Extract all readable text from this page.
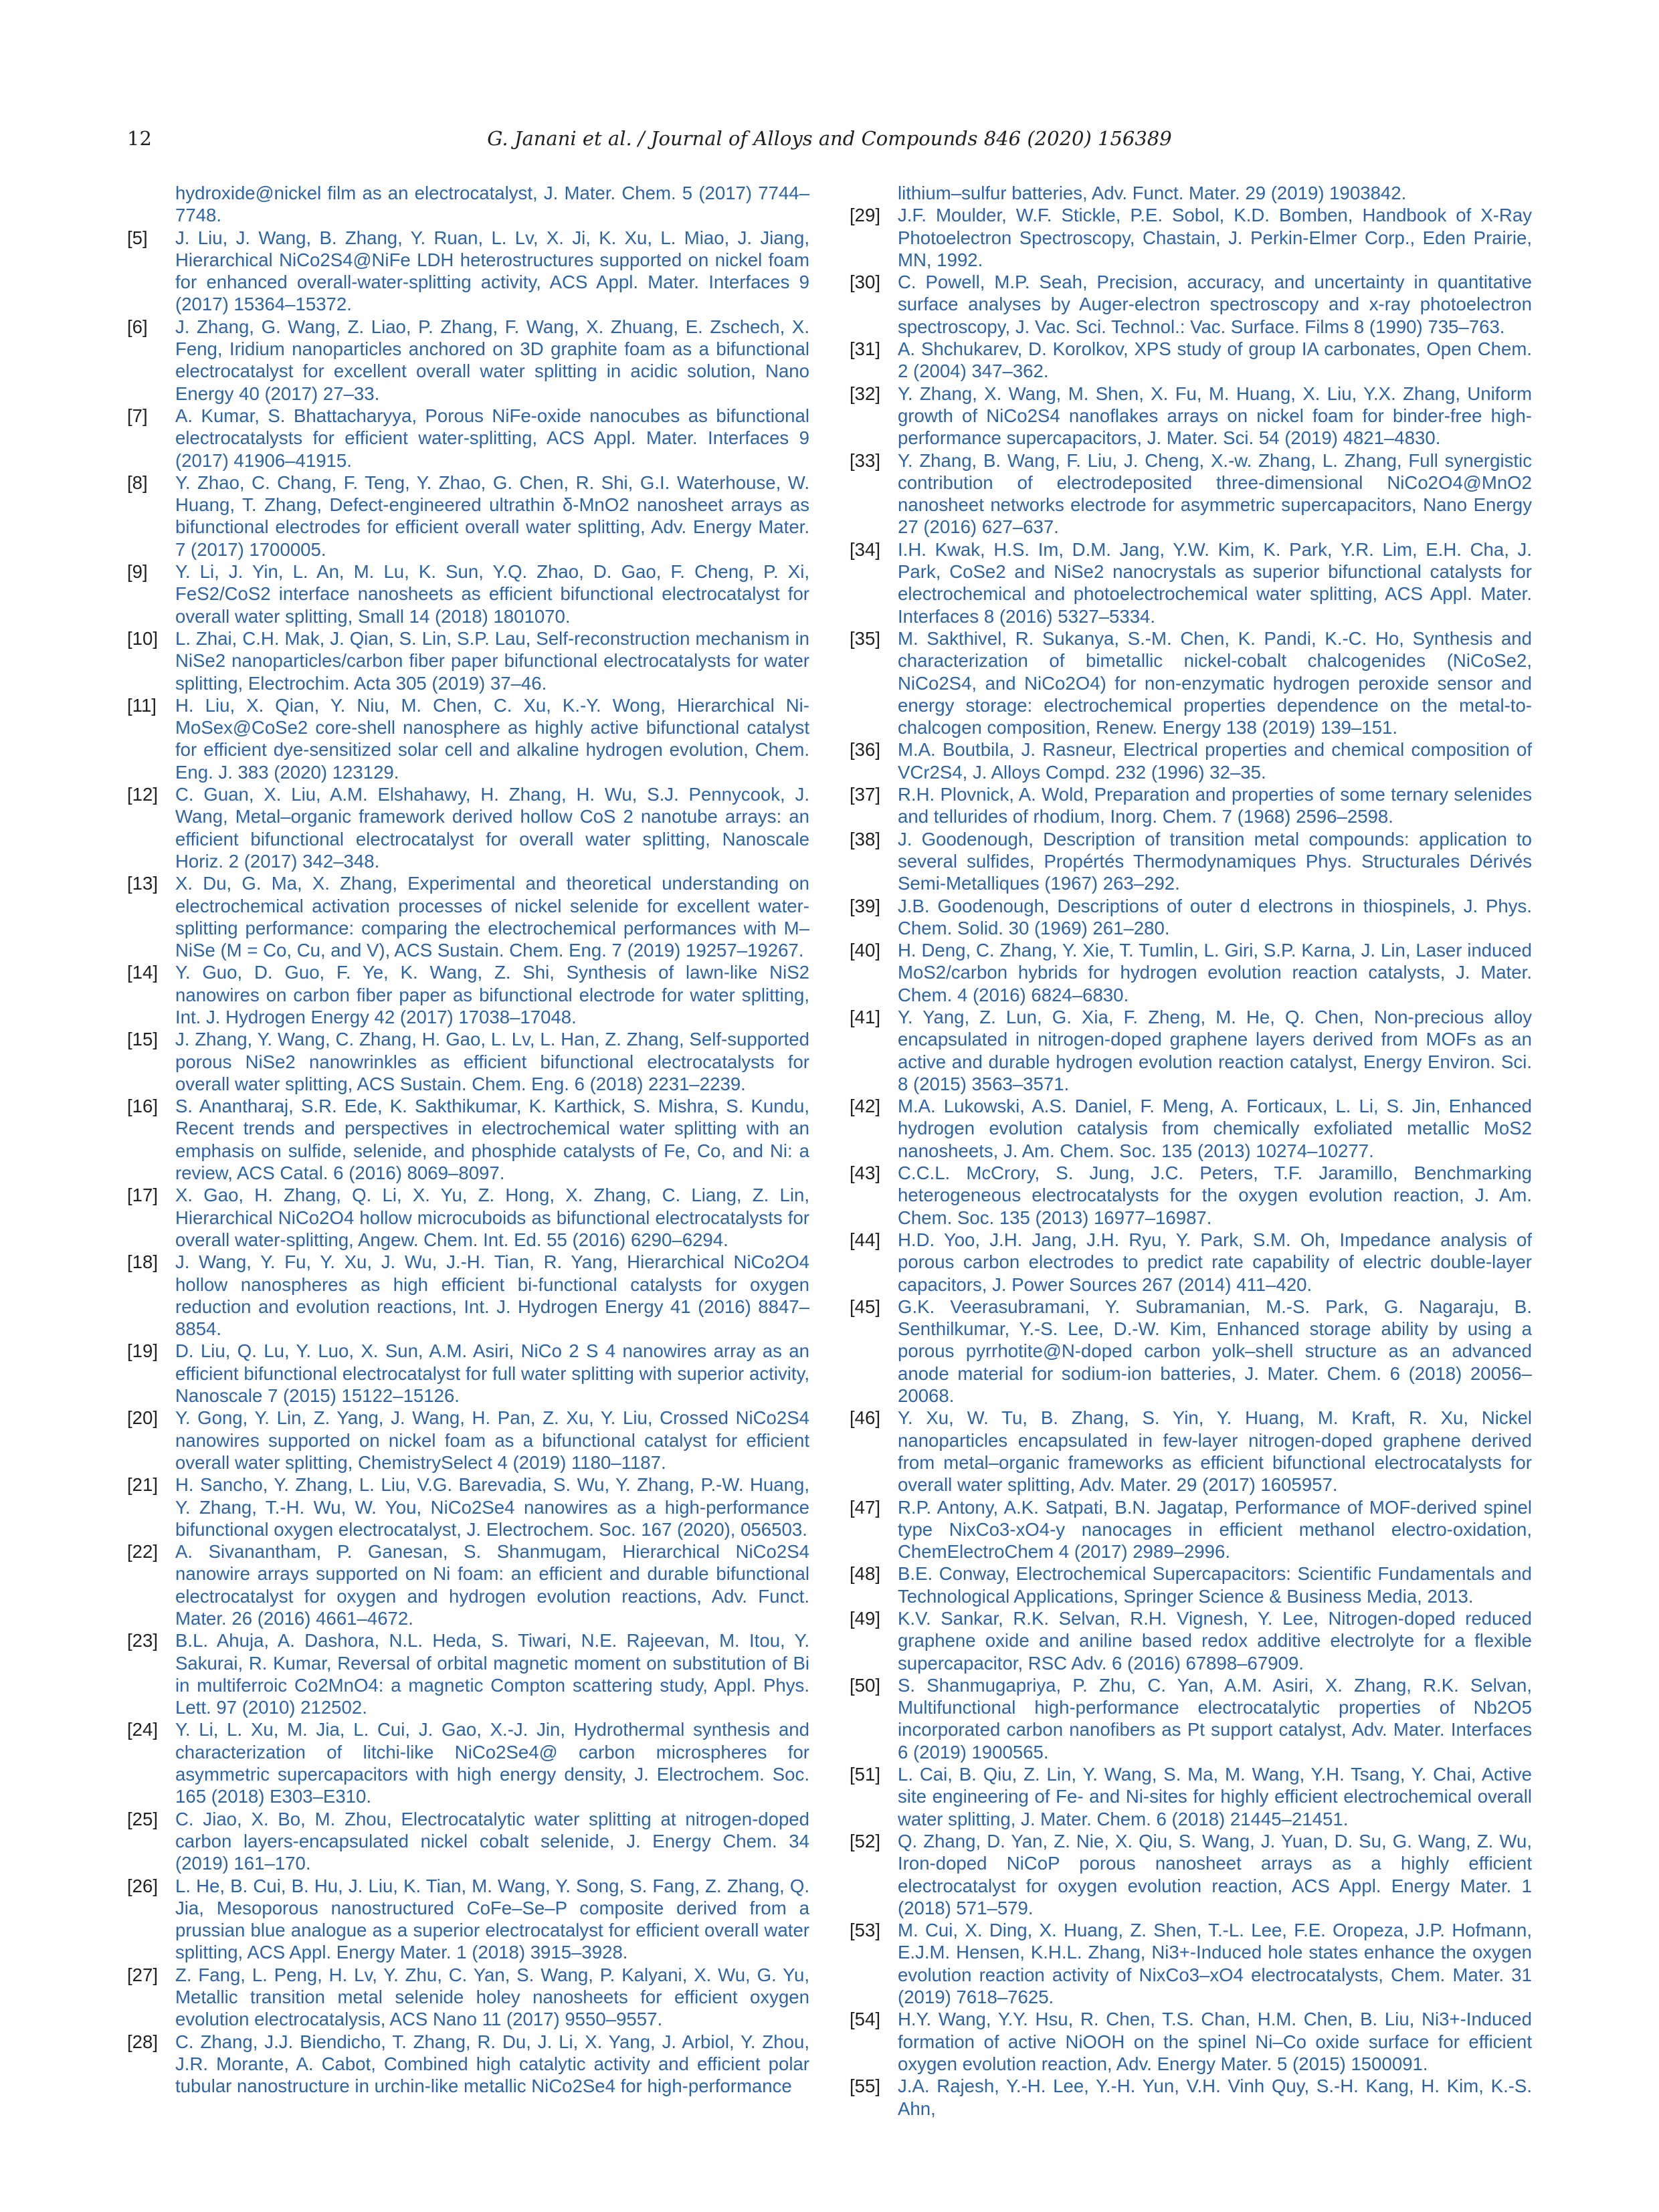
12	G. Janani et al. / Journal of Alloys and Compounds 846 (2020) 156389
hydroxide@nickel film as an electrocatalyst, J. Mater. Chem. 5 (2017) 7744–7748.
[5] J. Liu, J. Wang, B. Zhang, Y. Ruan, L. Lv, X. Ji, K. Xu, L. Miao, J. Jiang, Hierarchical NiCo2S4@NiFe LDH heterostructures supported on nickel foam for enhanced overall-water-splitting activity, ACS Appl. Mater. Interfaces 9 (2017) 15364–15372.
[6] J. Zhang, G. Wang, Z. Liao, P. Zhang, F. Wang, X. Zhuang, E. Zschech, X. Feng, Iridium nanoparticles anchored on 3D graphite foam as a bifunctional electrocatalyst for excellent overall water splitting in acidic solution, Nano Energy 40 (2017) 27–33.
[7] A. Kumar, S. Bhattacharyya, Porous NiFe-oxide nanocubes as bifunctional electrocatalysts for efficient water-splitting, ACS Appl. Mater. Interfaces 9 (2017) 41906–41915.
[8] Y. Zhao, C. Chang, F. Teng, Y. Zhao, G. Chen, R. Shi, G.I. Waterhouse, W. Huang, T. Zhang, Defect-engineered ultrathin δ-MnO2 nanosheet arrays as bifunctional electrodes for efficient overall water splitting, Adv. Energy Mater. 7 (2017) 1700005.
[9] Y. Li, J. Yin, L. An, M. Lu, K. Sun, Y.Q. Zhao, D. Gao, F. Cheng, P. Xi, FeS2/CoS2 interface nanosheets as efficient bifunctional electrocatalyst for overall water splitting, Small 14 (2018) 1801070.
[10] L. Zhai, C.H. Mak, J. Qian, S. Lin, S.P. Lau, Self-reconstruction mechanism in NiSe2 nanoparticles/carbon fiber paper bifunctional electrocatalysts for water splitting, Electrochim. Acta 305 (2019) 37–46.
[11] H. Liu, X. Qian, Y. Niu, M. Chen, C. Xu, K.-Y. Wong, Hierarchical Ni-MoSex@CoSe2 core-shell nanosphere as highly active bifunctional catalyst for efficient dye-sensitized solar cell and alkaline hydrogen evolution, Chem. Eng. J. 383 (2020) 123129.
[12] C. Guan, X. Liu, A.M. Elshahawy, H. Zhang, H. Wu, S.J. Pennycook, J. Wang, Metal–organic framework derived hollow CoS 2 nanotube arrays: an efficient bifunctional electrocatalyst for overall water splitting, Nanoscale Horiz. 2 (2017) 342–348.
[13] X. Du, G. Ma, X. Zhang, Experimental and theoretical understanding on electrochemical activation processes of nickel selenide for excellent water-splitting performance: comparing the electrochemical performances with M–NiSe (M = Co, Cu, and V), ACS Sustain. Chem. Eng. 7 (2019) 19257–19267.
[14] Y. Guo, D. Guo, F. Ye, K. Wang, Z. Shi, Synthesis of lawn-like NiS2 nanowires on carbon fiber paper as bifunctional electrode for water splitting, Int. J. Hydrogen Energy 42 (2017) 17038–17048.
[15] J. Zhang, Y. Wang, C. Zhang, H. Gao, L. Lv, L. Han, Z. Zhang, Self-supported porous NiSe2 nanowrinkles as efficient bifunctional electrocatalysts for overall water splitting, ACS Sustain. Chem. Eng. 6 (2018) 2231–2239.
[16] S. Anantharaj, S.R. Ede, K. Sakthikumar, K. Karthick, S. Mishra, S. Kundu, Recent trends and perspectives in electrochemical water splitting with an emphasis on sulfide, selenide, and phosphide catalysts of Fe, Co, and Ni: a review, ACS Catal. 6 (2016) 8069–8097.
[17] X. Gao, H. Zhang, Q. Li, X. Yu, Z. Hong, X. Zhang, C. Liang, Z. Lin, Hierarchical NiCo2O4 hollow microcuboids as bifunctional electrocatalysts for overall water-splitting, Angew. Chem. Int. Ed. 55 (2016) 6290–6294.
[18] J. Wang, Y. Fu, Y. Xu, J. Wu, J.-H. Tian, R. Yang, Hierarchical NiCo2O4 hollow nanospheres as high efficient bi-functional catalysts for oxygen reduction and evolution reactions, Int. J. Hydrogen Energy 41 (2016) 8847–8854.
[19] D. Liu, Q. Lu, Y. Luo, X. Sun, A.M. Asiri, NiCo 2 S 4 nanowires array as an efficient bifunctional electrocatalyst for full water splitting with superior activity, Nanoscale 7 (2015) 15122–15126.
[20] Y. Gong, Y. Lin, Z. Yang, J. Wang, H. Pan, Z. Xu, Y. Liu, Crossed NiCo2S4 nanowires supported on nickel foam as a bifunctional catalyst for efficient overall water splitting, ChemistrySelect 4 (2019) 1180–1187.
[21] H. Sancho, Y. Zhang, L. Liu, V.G. Barevadia, S. Wu, Y. Zhang, P.-W. Huang, Y. Zhang, T.-H. Wu, W. You, NiCo2Se4 nanowires as a high-performance bifunctional oxygen electrocatalyst, J. Electrochem. Soc. 167 (2020), 056503.
[22] A. Sivanantham, P. Ganesan, S. Shanmugam, Hierarchical NiCo2S4 nanowire arrays supported on Ni foam: an efficient and durable bifunctional electrocatalyst for oxygen and hydrogen evolution reactions, Adv. Funct. Mater. 26 (2016) 4661–4672.
[23] B.L. Ahuja, A. Dashora, N.L. Heda, S. Tiwari, N.E. Rajeevan, M. Itou, Y. Sakurai, R. Kumar, Reversal of orbital magnetic moment on substitution of Bi in multiferroic Co2MnO4: a magnetic Compton scattering study, Appl. Phys. Lett. 97 (2010) 212502.
[24] Y. Li, L. Xu, M. Jia, L. Cui, J. Gao, X.-J. Jin, Hydrothermal synthesis and characterization of litchi-like NiCo2Se4@ carbon microspheres for asymmetric supercapacitors with high energy density, J. Electrochem. Soc. 165 (2018) E303–E310.
[25] C. Jiao, X. Bo, M. Zhou, Electrocatalytic water splitting at nitrogen-doped carbon layers-encapsulated nickel cobalt selenide, J. Energy Chem. 34 (2019) 161–170.
[26] L. He, B. Cui, B. Hu, J. Liu, K. Tian, M. Wang, Y. Song, S. Fang, Z. Zhang, Q. Jia, Mesoporous nanostructured CoFe–Se–P composite derived from a prussian blue analogue as a superior electrocatalyst for efficient overall water splitting, ACS Appl. Energy Mater. 1 (2018) 3915–3928.
[27] Z. Fang, L. Peng, H. Lv, Y. Zhu, C. Yan, S. Wang, P. Kalyani, X. Wu, G. Yu, Metallic transition metal selenide holey nanosheets for efficient oxygen evolution electrocatalysis, ACS Nano 11 (2017) 9550–9557.
[28] C. Zhang, J.J. Biendicho, T. Zhang, R. Du, J. Li, X. Yang, J. Arbiol, Y. Zhou, J.R. Morante, A. Cabot, Combined high catalytic activity and efficient polar tubular nanostructure in urchin-like metallic NiCo2Se4 for high-performance
lithium–sulfur batteries, Adv. Funct. Mater. 29 (2019) 1903842.
[29] J.F. Moulder, W.F. Stickle, P.E. Sobol, K.D. Bomben, Handbook of X-Ray Photoelectron Spectroscopy, Chastain, J. Perkin-Elmer Corp., Eden Prairie, MN, 1992.
[30] C. Powell, M.P. Seah, Precision, accuracy, and uncertainty in quantitative surface analyses by Auger-electron spectroscopy and x-ray photoelectron spectroscopy, J. Vac. Sci. Technol.: Vac. Surface. Films 8 (1990) 735–763.
[31] A. Shchukarev, D. Korolkov, XPS study of group IA carbonates, Open Chem. 2 (2004) 347–362.
[32] Y. Zhang, X. Wang, M. Shen, X. Fu, M. Huang, X. Liu, Y.X. Zhang, Uniform growth of NiCo2S4 nanoflakes arrays on nickel foam for binder-free high-performance supercapacitors, J. Mater. Sci. 54 (2019) 4821–4830.
[33] Y. Zhang, B. Wang, F. Liu, J. Cheng, X.-w. Zhang, L. Zhang, Full synergistic contribution of electrodeposited three-dimensional NiCo2O4@MnO2 nanosheet networks electrode for asymmetric supercapacitors, Nano Energy 27 (2016) 627–637.
[34] I.H. Kwak, H.S. Im, D.M. Jang, Y.W. Kim, K. Park, Y.R. Lim, E.H. Cha, J. Park, CoSe2 and NiSe2 nanocrystals as superior bifunctional catalysts for electrochemical and photoelectrochemical water splitting, ACS Appl. Mater. Interfaces 8 (2016) 5327–5334.
[35] M. Sakthivel, R. Sukanya, S.-M. Chen, K. Pandi, K.-C. Ho, Synthesis and characterization of bimetallic nickel-cobalt chalcogenides (NiCoSe2, NiCo2S4, and NiCo2O4) for non-enzymatic hydrogen peroxide sensor and energy storage: electrochemical properties dependence on the metal-to-chalcogen composition, Renew. Energy 138 (2019) 139–151.
[36] M.A. Boutbila, J. Rasneur, Electrical properties and chemical composition of VCr2S4, J. Alloys Compd. 232 (1996) 32–35.
[37] R.H. Plovnick, A. Wold, Preparation and properties of some ternary selenides and tellurides of rhodium, Inorg. Chem. 7 (1968) 2596–2598.
[38] J. Goodenough, Description of transition metal compounds: application to several sulfides, Propértés Thermodynamiques Phys. Structurales Dérivés Semi-Metalliques (1967) 263–292.
[39] J.B. Goodenough, Descriptions of outer d electrons in thiospinels, J. Phys. Chem. Solid. 30 (1969) 261–280.
[40] H. Deng, C. Zhang, Y. Xie, T. Tumlin, L. Giri, S.P. Karna, J. Lin, Laser induced MoS2/carbon hybrids for hydrogen evolution reaction catalysts, J. Mater. Chem. 4 (2016) 6824–6830.
[41] Y. Yang, Z. Lun, G. Xia, F. Zheng, M. He, Q. Chen, Non-precious alloy encapsulated in nitrogen-doped graphene layers derived from MOFs as an active and durable hydrogen evolution reaction catalyst, Energy Environ. Sci. 8 (2015) 3563–3571.
[42] M.A. Lukowski, A.S. Daniel, F. Meng, A. Forticaux, L. Li, S. Jin, Enhanced hydrogen evolution catalysis from chemically exfoliated metallic MoS2 nanosheets, J. Am. Chem. Soc. 135 (2013) 10274–10277.
[43] C.C.L. McCrory, S. Jung, J.C. Peters, T.F. Jaramillo, Benchmarking heterogeneous electrocatalysts for the oxygen evolution reaction, J. Am. Chem. Soc. 135 (2013) 16977–16987.
[44] H.D. Yoo, J.H. Jang, J.H. Ryu, Y. Park, S.M. Oh, Impedance analysis of porous carbon electrodes to predict rate capability of electric double-layer capacitors, J. Power Sources 267 (2014) 411–420.
[45] G.K. Veerasubramani, Y. Subramanian, M.-S. Park, G. Nagaraju, B. Senthilkumar, Y.-S. Lee, D.-W. Kim, Enhanced storage ability by using a porous pyrrhotite@N-doped carbon yolk–shell structure as an advanced anode material for sodium-ion batteries, J. Mater. Chem. 6 (2018) 20056–20068.
[46] Y. Xu, W. Tu, B. Zhang, S. Yin, Y. Huang, M. Kraft, R. Xu, Nickel nanoparticles encapsulated in few-layer nitrogen-doped graphene derived from metal–organic frameworks as efficient bifunctional electrocatalysts for overall water splitting, Adv. Mater. 29 (2017) 1605957.
[47] R.P. Antony, A.K. Satpati, B.N. Jagatap, Performance of MOF-derived spinel type NixCo3-xO4-y nanocages in efficient methanol electro-oxidation, ChemElectroChem 4 (2017) 2989–2996.
[48] B.E. Conway, Electrochemical Supercapacitors: Scientific Fundamentals and Technological Applications, Springer Science & Business Media, 2013.
[49] K.V. Sankar, R.K. Selvan, R.H. Vignesh, Y. Lee, Nitrogen-doped reduced graphene oxide and aniline based redox additive electrolyte for a flexible supercapacitor, RSC Adv. 6 (2016) 67898–67909.
[50] S. Shanmugapriya, P. Zhu, C. Yan, A.M. Asiri, X. Zhang, R.K. Selvan, Multifunctional high-performance electrocatalytic properties of Nb2O5 incorporated carbon nanofibers as Pt support catalyst, Adv. Mater. Interfaces 6 (2019) 1900565.
[51] L. Cai, B. Qiu, Z. Lin, Y. Wang, S. Ma, M. Wang, Y.H. Tsang, Y. Chai, Active site engineering of Fe- and Ni-sites for highly efficient electrochemical overall water splitting, J. Mater. Chem. 6 (2018) 21445–21451.
[52] Q. Zhang, D. Yan, Z. Nie, X. Qiu, S. Wang, J. Yuan, D. Su, G. Wang, Z. Wu, Iron-doped NiCoP porous nanosheet arrays as a highly efficient electrocatalyst for oxygen evolution reaction, ACS Appl. Energy Mater. 1 (2018) 571–579.
[53] M. Cui, X. Ding, X. Huang, Z. Shen, T.-L. Lee, F.E. Oropeza, J.P. Hofmann, E.J.M. Hensen, K.H.L. Zhang, Ni3+-Induced hole states enhance the oxygen evolution reaction activity of NixCo3–xO4 electrocatalysts, Chem. Mater. 31 (2019) 7618–7625.
[54] H.Y. Wang, Y.Y. Hsu, R. Chen, T.S. Chan, H.M. Chen, B. Liu, Ni3+-Induced formation of active NiOOH on the spinel Ni–Co oxide surface for efficient oxygen evolution reaction, Adv. Energy Mater. 5 (2015) 1500091.
[55] J.A. Rajesh, Y.-H. Lee, Y.-H. Yun, V.H. Vinh Quy, S.-H. Kang, H. Kim, K.-S. Ahn,
